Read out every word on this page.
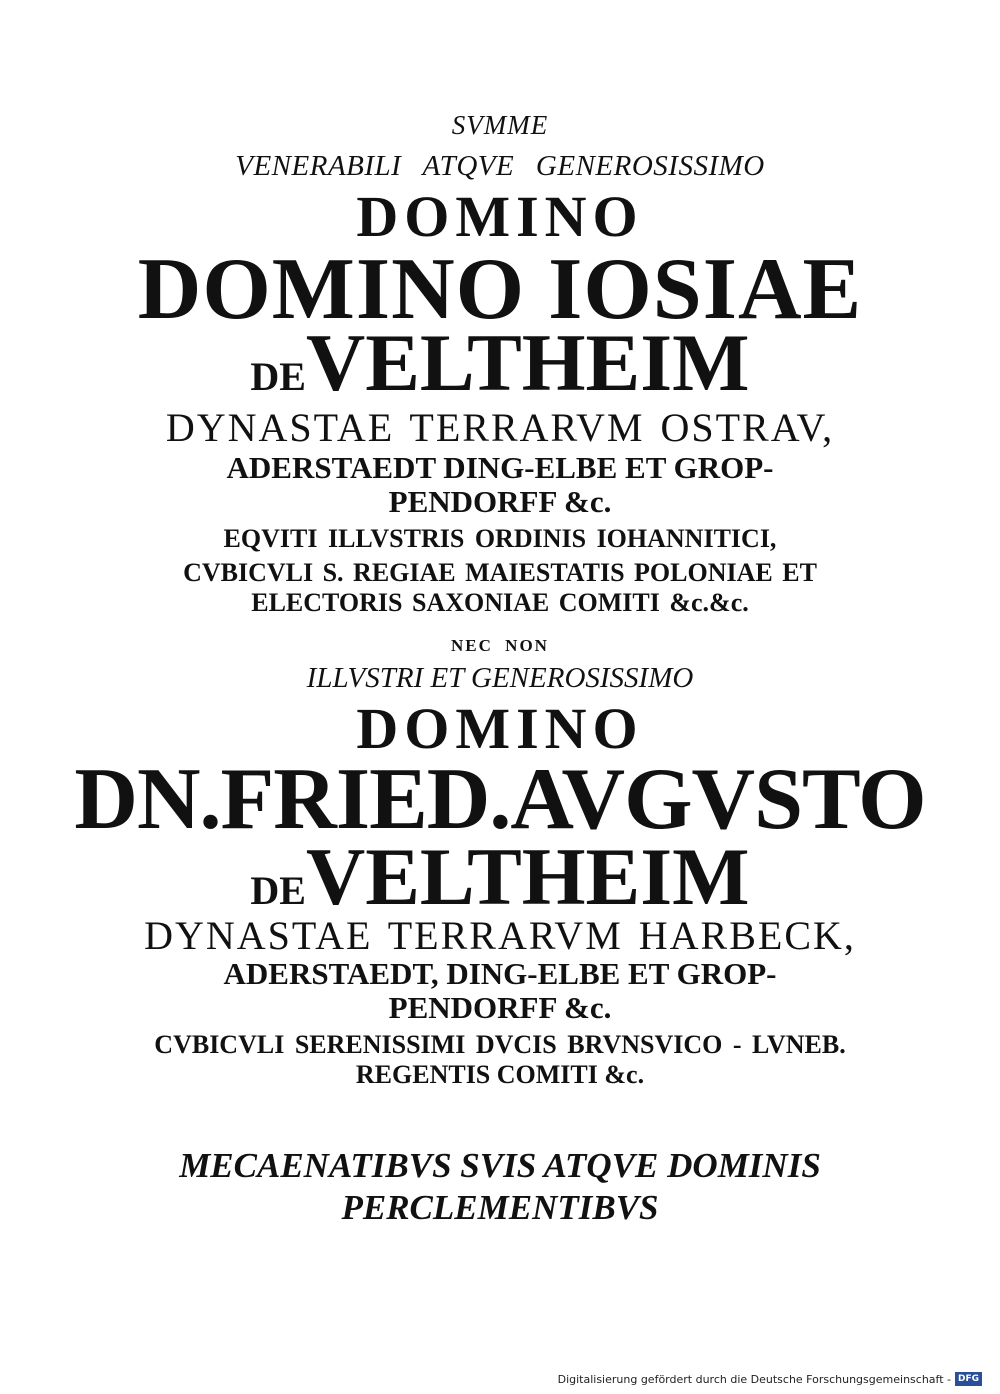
SVMME
VENERABILI ATQVE GENEROSISSIMO
DOMINO
DOMINO IOSIAE
DEVELTHEIM
DYNASTAE TERRARVM OSTRAV,
ADERSTAEDT DING-ELBE ET GROP-
PENDORFF &c.
EQVITI ILLVSTRIS ORDINIS IOHANNITICI,
CVBICVLI S. REGIAE MAIESTATIS POLONIAE ET
ELECTORIS SAXONIAE COMITI &c.&c.
NEC NON
ILLVSTRI ET GENEROSISSIMO
DOMINO
DN.FRIED.AVGVSTO
DEVELTHEIM
DYNASTAE TERRARVM HARBECK,
ADERSTAEDT, DING-ELBE ET GROP-
PENDORFF &c.
CVBICVLI SERENISSIMI DVCIS BRVNSVICO - LVNEB.
REGENTIS COMITI &c.
MECAENATIBVS SVIS ATQVE DOMINIS
PERCLEMENTIBVS
Digitalisierung gefördert durch die Deutsche Forschungsgemeinschaft - DFG
